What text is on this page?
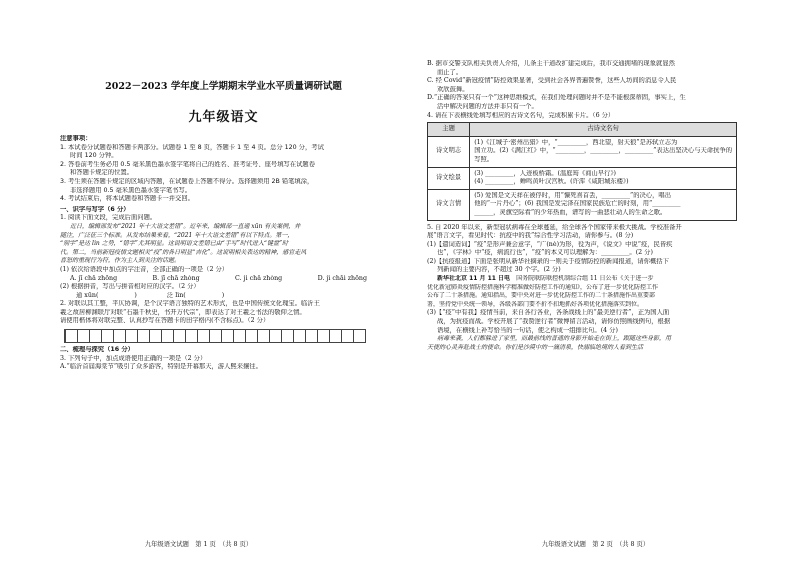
2022－2023 学年度上学期期末学业水平质量调研试题
九年级语文
注意事项：
1. 本试卷分试题卷和答题卡两部分。试题卷 1 至 8 页，答题卡 1 至 4 页。总分 120 分，考试
时间 120 分钟。
2. 答卷前考生务必用 0.5 毫米黑色墨水签字笔将自己的姓名、准考证号、座号填写在试题卷
和答题卡规定的位置。
3. 考生须在答题卡规定的区域内答题，在试题卷上答题不得分。选择题须用 2B 铅笔填涂，
非选择题用 0.5 毫米黑色墨水签字笔书写。
4. 考试结束后，将本试题卷和答题卡一并交回。
一、识字与写字（6 分）
1. 阅读下面文段，完成后面问题。
近日，编辑部发布“2021 年十大语文差错”。近年来，编辑部一直通 xūn 有关案例，并
随注，广泛征三个标准。从发布结果来看，“2021 年十大语文差错”有以下特点。第一，
“别字”是达 lìn 之势，“错字”尤其明显。这说明语文差错已由“手写”时代进入“键盘”时
代。第二，当前新冠疫情文题相关“疫”的各日明显“吉化”。这说明相关表达的精神，感官走风
喜怒的重现行为符，作为主人到关注的话题。
(1) 依次给语段中加点的字注音，全部正确的一项是（2 分）
A. jī chǎ zhōng	B. jī chā zhòng	C. jì chǎ zhòng	D. jì chāi zhōng
(2) 根据拼音，写出与拼音相对应的汉字。（2 分）
通 xūn(	)	泛 lìn(	)
2. 对联以其工整，平仄协调，是个汉字语言独特的艺术形式，也是中国传统文化瑰宝。临沂王
羲之故居柳渊联厅对联“石墨千秋史，书开万代宗”，即表达了对王羲之书法的敬仰之情。
请使用楷体将对联完整、认真抄写在答题卡的田字格内(不含标点)。（2 分）
二、梳理与探究（16 分）
3. 下列句子中，加点成语使用正确的一项是（2 分）
A.“临沂首届海棠节”吸引了众多游客，特别是开幕那天，游人熙来攘往。
九年级语文试题　第 1 页　（共 8 页）
B. 据市交警支队相关负责人介绍，儿条主干道改扩建完成后，我市交通拥堵的现象就显然
而止了。
C. 经 Covid“新冠疫情”防控效果显著，受到社会各界普遍赞誉，这些人坊间的消息令人民
欢欣鼓舞。
D.“正确的答案只有一个”这种思维模式，在我们处理问题时并不是不能根深蒂固，事实上，生
活中解决问题的方法并非只有一个。
4. 请在下表横线处填写相应的古诗文名句，完成积累卡片。（6 分）
主题	古诗文名句
诗文明志	(1)《江城子·密州出猎》中，“_________，西北望，射天狼”是苏轼立志为
国立功。(2)《满江红》中，“_________，_________，_________”表达出坚决心与天命抗争的
写照。

诗文绘景	(3) _________，人迹板桥霜。(温庭筠《商山早行》)
(4) _________，蝉鸣黄叶汉宫秋。(许浑《咸阳城东楼》)

诗文言情	(5) 爱国是文天祥在被俘时，用“慷死喜首丢，_________”的决心，唱出
他的“一片丹心”；(6) 我国是发完泽在国家民族危亡的时刻，用“_________
______，灵旗空际看”的少年热血，谱写的一曲悲壮动人的生命之歌。
5. 自 2020 年以来，新型冠状病毒在全球蔓延，给全球各个国家带来极大挑战。学校准备开
展“语言文字，看见时代：抗疫中的我”综合性学习活动，请你参与。(8 分)
(1)【遣词造词】“疫”是形声兼会意字，“广(nè)为形，役为声，《说文》中说“疫，民皆疾
也”，《字林》中“疫，病流行也”，“疫”的本义可以理解为：_________。(2 分)
(2)【抗疫报道】下面是张明从新华社摘录的一则关于疫情防控的新闻报道，请你概括下
列新闻的主要内容，不超过 30 个字。(2 分)
新华社北京 11 月 11 日电　 国务院联防联控机制综合组 11 日公布《关于进一步
优化新冠肺炎疫情防控措施科学精准做好防控工作的通知》，公布了进一步优化防控工作
公布了二十条措施。通知指出，要中央对进一步优化防控工作的二十条措施作出重要部
署，坚持党中央统一领导，各级各部门要不折不扣地抓好各项优化措施落实到位。
(3)【“疫”中有我】疫情当前，来自各行各业，各条战线上的“最美逆行者”，正为国人面
战，为抗疫而战。学校开展了“我赞逆行者”微博留言活动，请你仿照画线例句，根据
语境，在横线上补写恰当的一句话，使之构成一组排比句。(4 分)
病毒来袭，人们都躲进了家里，而最前线的普通的身影开始走在街上，跟随这些身影，用
天使的心灵奔赴战士的使命。你们是沙漠中的一滴清泉，快溺临绝境的人看到生活
九年级语文试题　第 2 页　（共 8 页）
